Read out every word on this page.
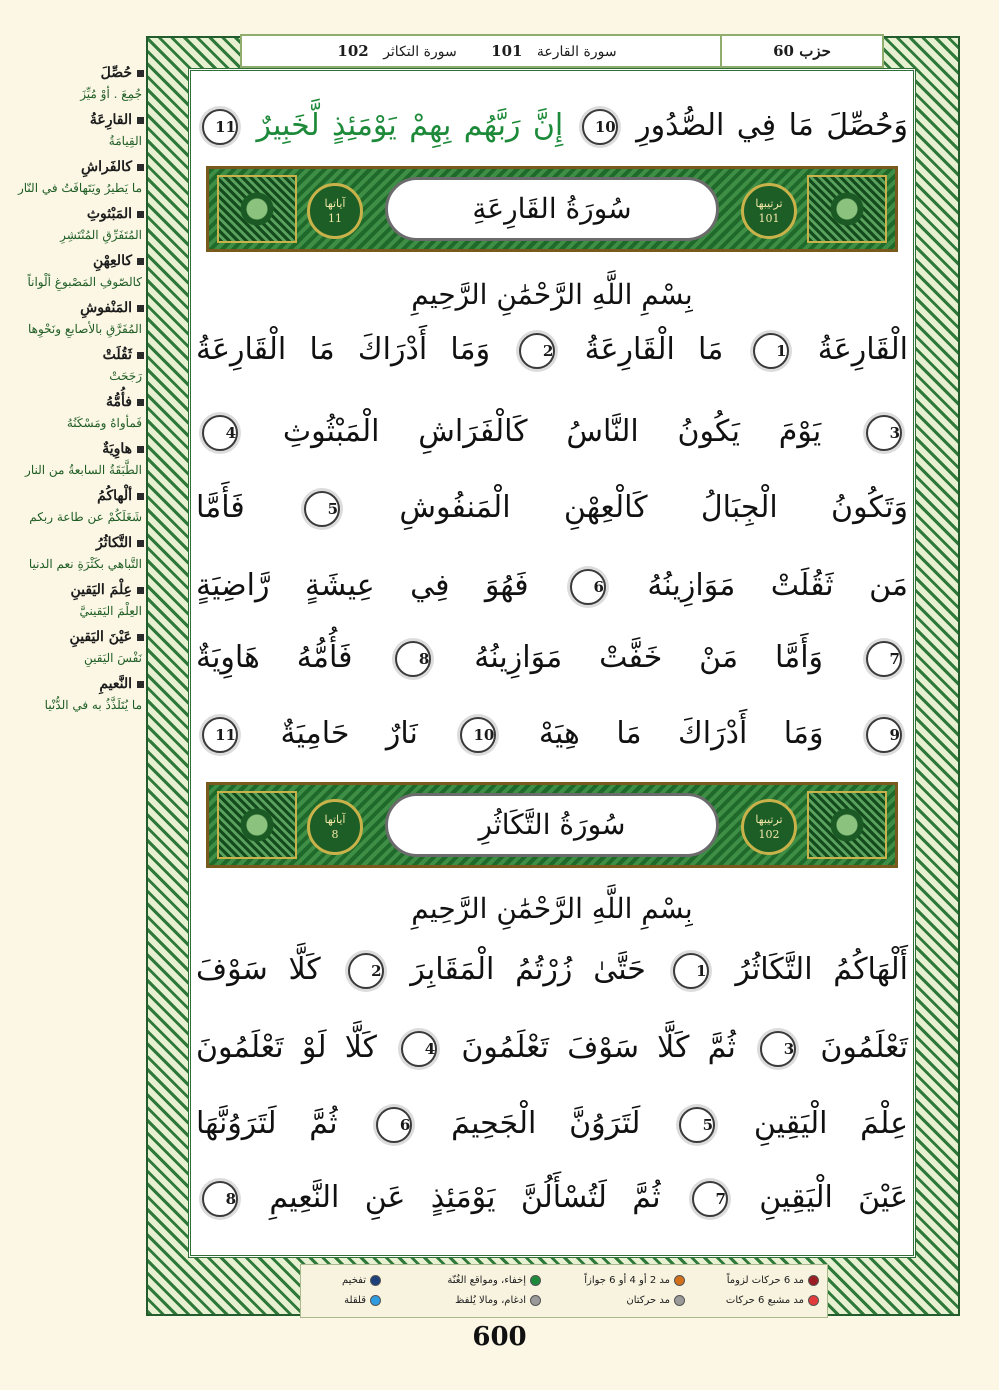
حُصِّلَ
جُمِعَ . أوْ مُيِّزَ
القارِعَةُ
القِيامَةُ
كالفَراشِ
ما يَطيرُ ويَتَهافَتُ في النّار
المَبْثوثِ
المُتَفَرِّقِ المُنْتَشِرِ
كالعِهْنِ
كالصّوفِ المَصْبوغِ ألْواناً
المَنْفوشِ
المُفَرَّقِ بالأصابعِ ونَحْوِها
ثَقُلَتْ
رَجَحَتْ
فأُمُّهُ
فَمأواهُ ومَسْكَنُهُ
هاوِيَةٌ
الطَّبَقَةُ السابعةُ من النار
ألْهاكُمُ
شَغَلَكُمْ عن طاعة ربكم
التَّكاثُرُ
التَّباهي بكَثْرَةِ نعم الدنيا
عِلْمَ اليَقينِ
العِلْمَ اليَقينيَّ
عَيْنَ اليَقينِ
نَفْسَ اليَقينِ
النَّعيمِ
ما يُتَلَذَّذُ به في الدُّنْيا
سورة القارعة 101 سورة التكاثر 102	حزب 60
وَحُصِّلَ مَا فِي الصُّدُورِ 10 إِنَّ رَبَّهُم بِهِمْ يَوْمَئِذٍ لَّخَبِيرٌ 11
آياتها
11	سُورَةُ القَارِعَةِ	ترتيبها
101
بِسْمِ اللَّهِ الرَّحْمَٰنِ الرَّحِيمِ
الْقَارِعَةُ 1 مَا الْقَارِعَةُ 2 وَمَا أَدْرَاكَ مَا الْقَارِعَةُ
3 يَوْمَ يَكُونُ النَّاسُ كَالْفَرَاشِ الْمَبْثُوثِ 4
وَتَكُونُ الْجِبَالُ كَالْعِهْنِ الْمَنفُوشِ 5 فَأَمَّا
مَن ثَقُلَتْ مَوَازِينُهُ 6 فَهُوَ فِي عِيشَةٍ رَّاضِيَةٍ
7 وَأَمَّا مَنْ خَفَّتْ مَوَازِينُهُ 8 فَأُمُّهُ هَاوِيَةٌ
9 وَمَا أَدْرَاكَ مَا هِيَهْ 10 نَارٌ حَامِيَةٌ 11
آياتها
8	سُورَةُ التَّكَاثُرِ	ترتيبها
102
بِسْمِ اللَّهِ الرَّحْمَٰنِ الرَّحِيمِ
أَلْهَاكُمُ التَّكَاثُرُ 1 حَتَّىٰ زُرْتُمُ الْمَقَابِرَ 2 كَلَّا سَوْفَ
تَعْلَمُونَ 3 ثُمَّ كَلَّا سَوْفَ تَعْلَمُونَ 4 كَلَّا لَوْ تَعْلَمُونَ
عِلْمَ الْيَقِينِ 5 لَتَرَوُنَّ الْجَحِيمَ 6 ثُمَّ لَتَرَوُنَّهَا
عَيْنَ الْيَقِينِ 7 ثُمَّ لَتُسْأَلُنَّ يَوْمَئِذٍ عَنِ النَّعِيمِ 8
مد 6 حركات لزوماً
مد مشبع 6 حركات
مد 2 أو 4 أو 6 جوازاً
مد حركتان
إخفاء، ومواقع الغُنّة
ادغام، ومالا يُلفظ
تفخيم
قلقلة
600
